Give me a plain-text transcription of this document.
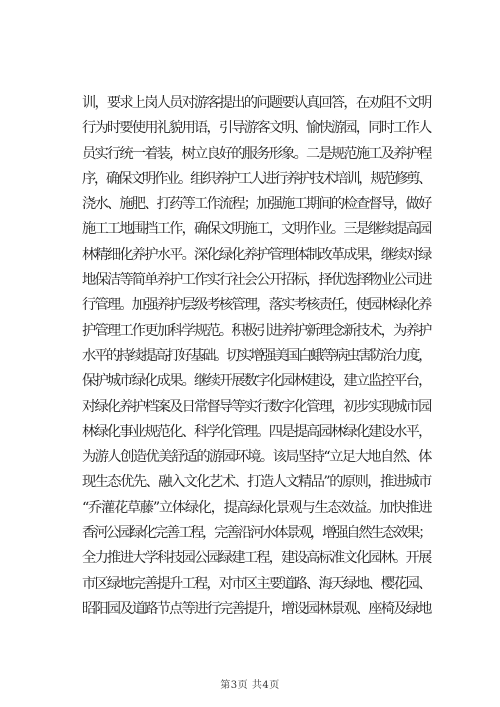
训，要求上岗人员对游客提出的问题要认真回答，在劝阻不文明
行为时要使用礼貌用语，引导游客文明、愉快游园，同时工作人
员实行统一着装，树立良好的服务形象。二是规范施工及养护程
序，确保文明作业。组织养护工人进行养护技术培训，规范修剪、
浇水、施肥、打药等工作流程；加强施工期间的检查督导，做好
施工工地围挡工作，确保文明施工，文明作业。三是继续提高园
林精细化养护水平。深化绿化养护管理体制改革成果，继续对绿
地保洁等简单养护工作实行社会公开招标，择优选择物业公司进
行管理。加强养护层级考核管理，落实考核责任，使园林绿化养
护管理工作更加科学规范。积极引进养护新理念新技术，为养护
水平的持续提高打好基础。切实增强美国白蛾等病虫害防治力度，
保护城市绿化成果。继续开展数字化园林建设，建立监控平台，
对绿化养护档案及日常督导等实行数字化管理，初步实现城市园
林绿化事业规范化、科学化管理。四是提高园林绿化建设水平，
为游人创造优美舒适的游园环境。该局坚持“立足大地自然、体
现生态优先、融入文化艺术、打造人文精品”的原则，推进城市
“乔灌花草藤”立体绿化，提高绿化景观与生态效益。加快推进
香河公园绿化完善工程，完善沿河水体景观，增强自然生态效果；
全力推进大学科技园公园绿建工程，建设高标准文化园林。开展
市区绿地完善提升工程，对市区主要道路、海天绿地、樱花园、
昭阳园及道路节点等进行完善提升，增设园林景观、座椅及绿地
第3页 共4页
